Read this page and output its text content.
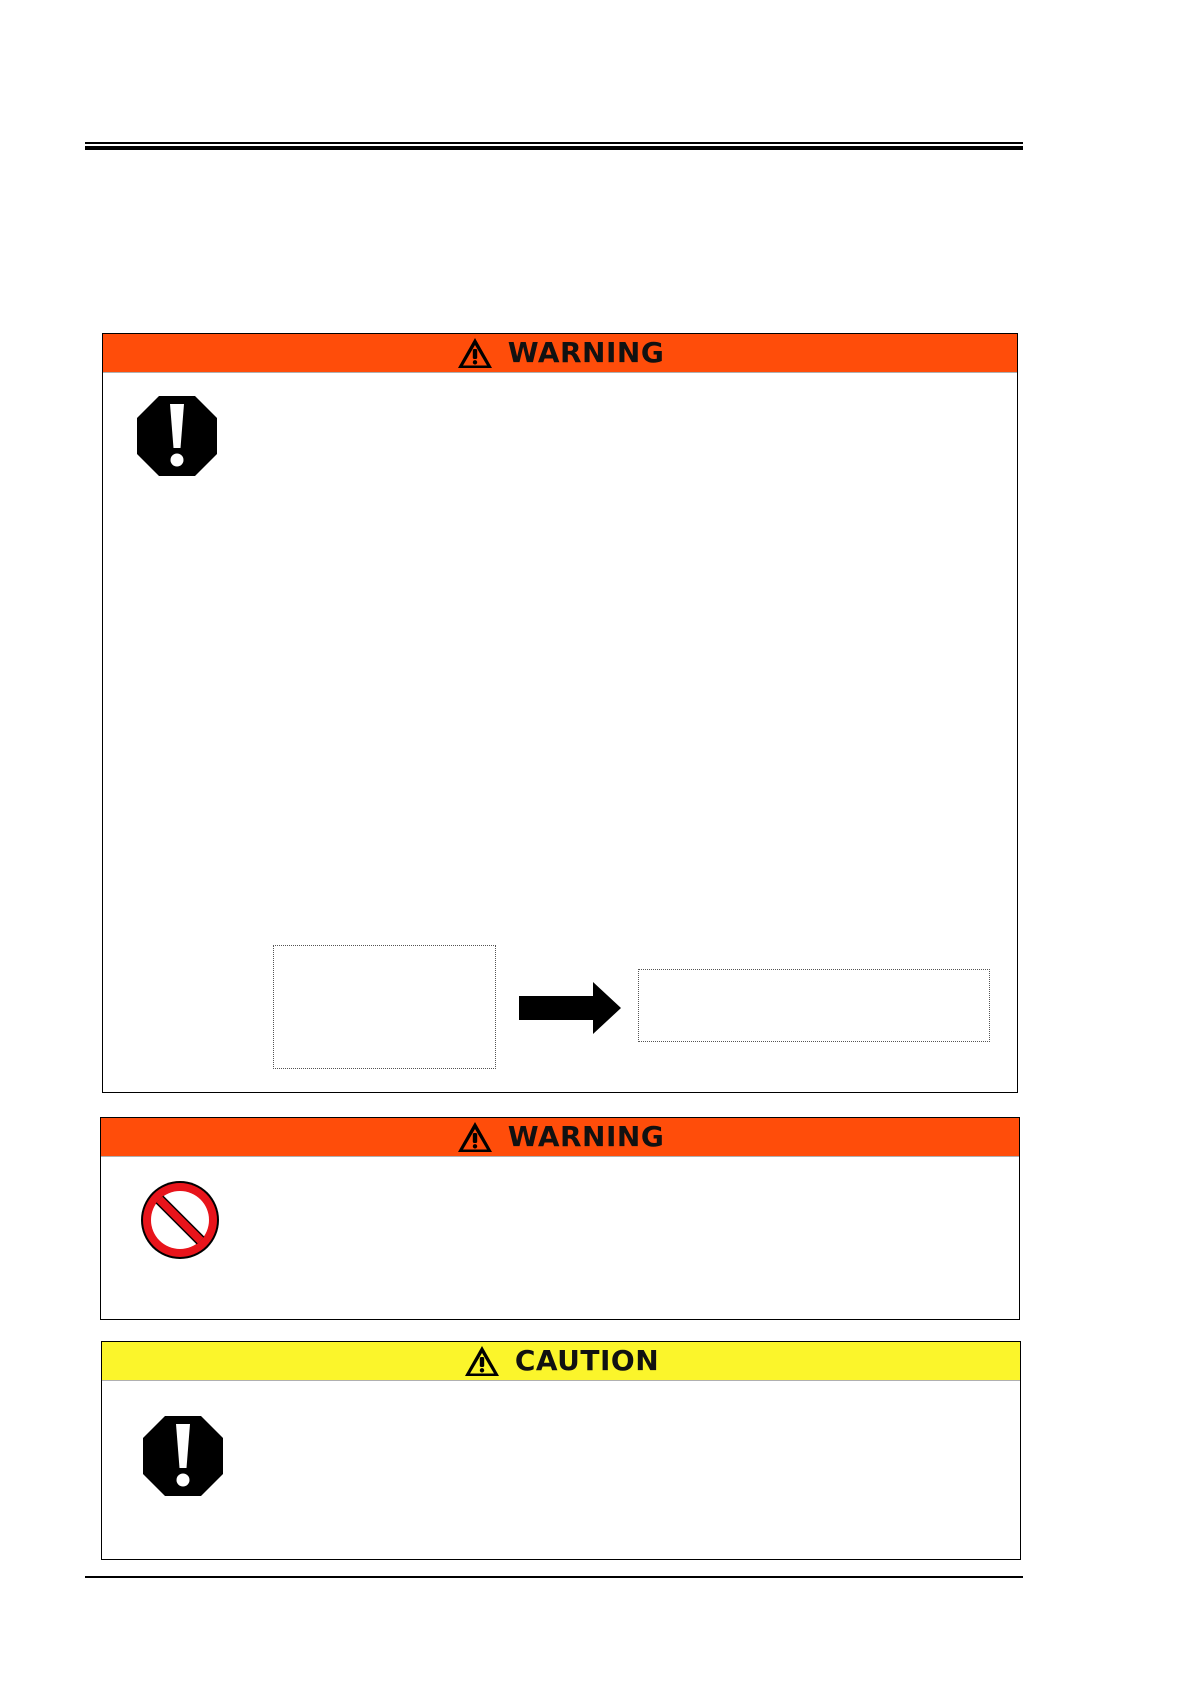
WARNING
WARNING
CAUTION
